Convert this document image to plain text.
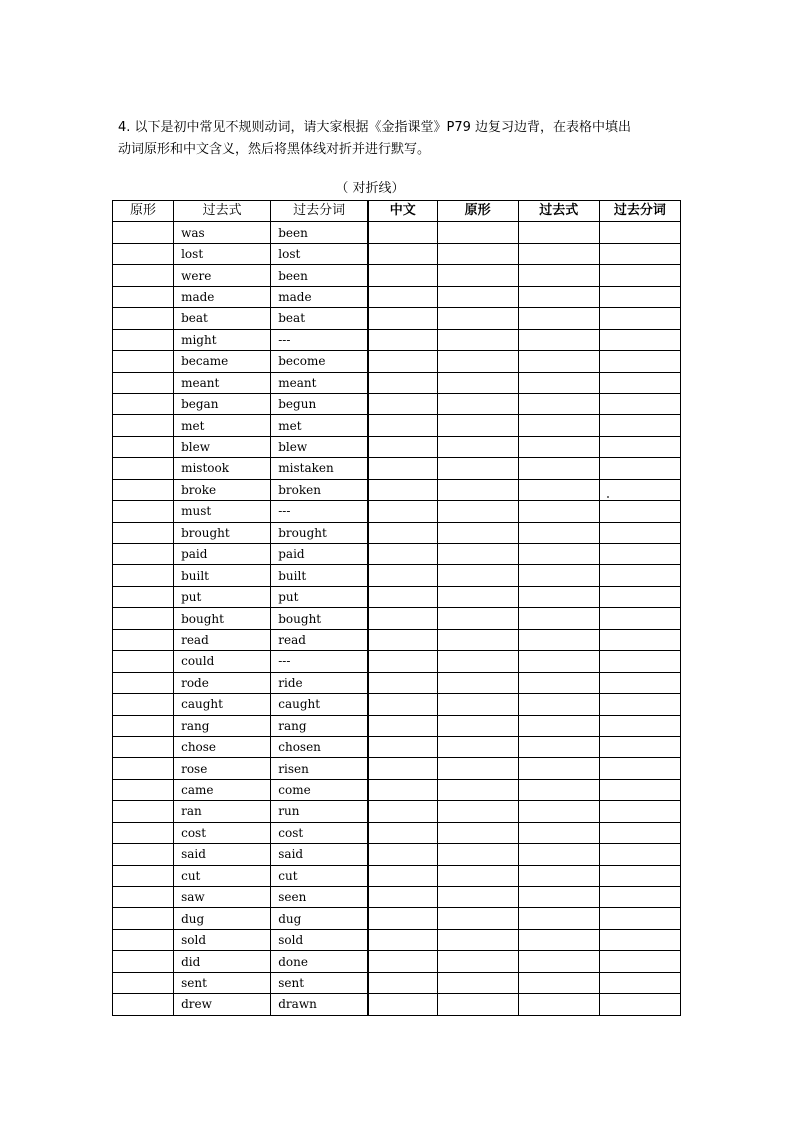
4. 以下是初中常见不规则动词，请大家根据《金指课堂》P79 边复习边背，在表格中填出

动词原形和中文含义，然后将黑体线对折并进行默写。

（ 对折线）
原形	过去式	过去分词	中文	原形	过去式	过去分词
	was	been				
	lost	lost				
	were	been				
	made	made				
	beat	beat				
	might	---				
	became	become				
	meant	meant				
	began	begun				
	met	met				
	blew	blew				
	mistook	mistaken				
	broke	broken				
	must	---				
	brought	brought				
	paid	paid				
	built	built				
	put	put				
	bought	bought				
	read	read				
	could	---				
	rode	ride				
	caught	caught				
	rang	rang				
	chose	chosen				
	rose	risen				
	came	come				
	ran	run				
	cost	cost				
	said	said				
	cut	cut				
	saw	seen				
	dug	dug				
	sold	sold				
	did	done				
	sent	sent				
	drew	drawn				
